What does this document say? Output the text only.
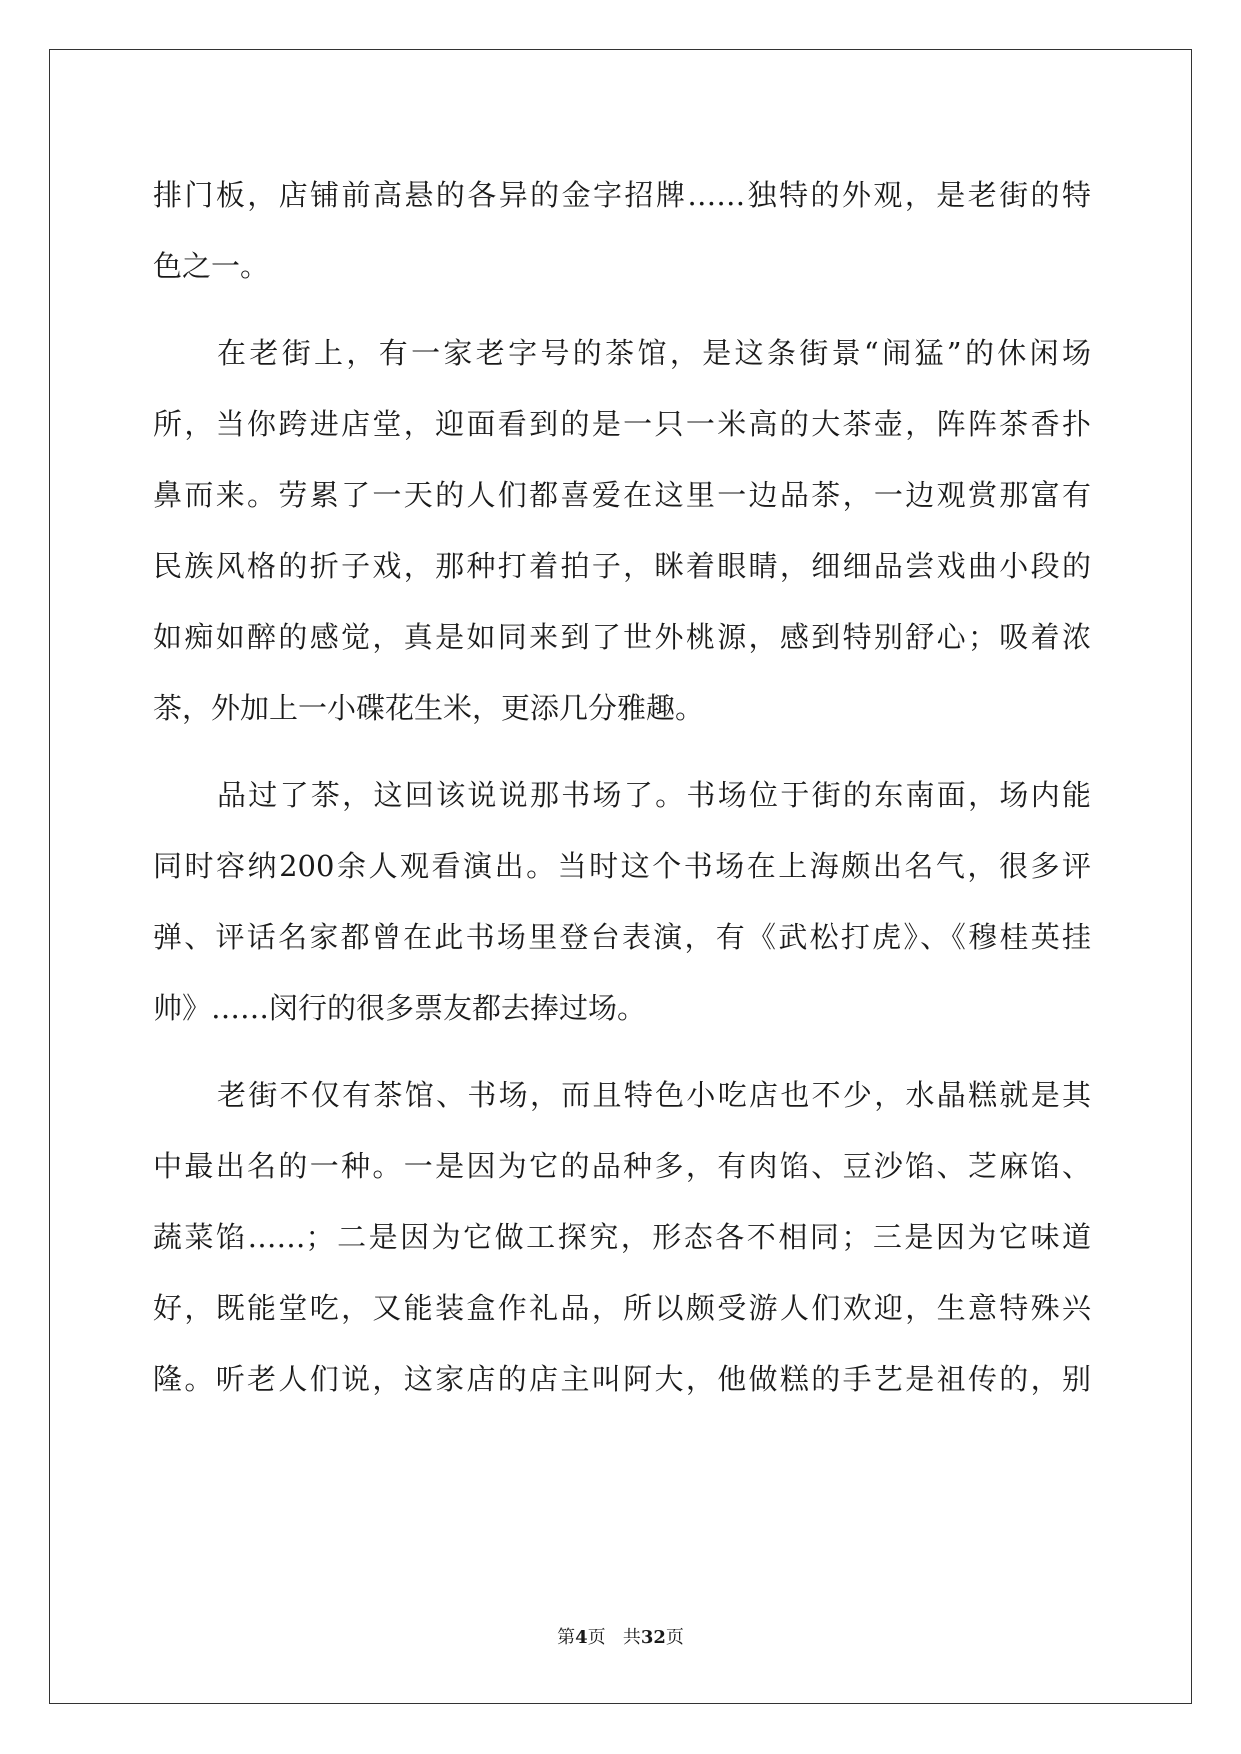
排门板，店铺前高悬的各异的金字招牌……独特的外观，是老街的特
色之一。
在老街上，有一家老字号的茶馆，是这条街景“闹猛”的休闲场
所，当你跨进店堂，迎面看到的是一只一米高的大茶壶，阵阵茶香扑
鼻而来。劳累了一天的人们都喜爱在这里一边品茶，一边观赏那富有
民族风格的折子戏，那种打着拍子，眯着眼睛，细细品尝戏曲小段的
如痴如醉的感觉，真是如同来到了世外桃源，感到特别舒心；吸着浓
茶，外加上一小碟花生米，更添几分雅趣。
品过了茶，这回该说说那书场了。书场位于街的东南面，场内能
同时容纳200余人观看演出。当时这个书场在上海颇出名气，很多评
弹、评话名家都曾在此书场里登台表演，有《武松打虎》、《穆桂英挂
帅》……闵行的很多票友都去捧过场。
老街不仅有茶馆、书场，而且特色小吃店也不少，水晶糕就是其
中最出名的一种。一是因为它的品种多，有肉馅、豆沙馅、芝麻馅、
蔬菜馅……；二是因为它做工探究，形态各不相同；三是因为它味道
好，既能堂吃，又能装盒作礼品，所以颇受游人们欢迎，生意特殊兴
隆。听老人们说，这家店的店主叫阿大，他做糕的手艺是祖传的，别
第4页 共32页
